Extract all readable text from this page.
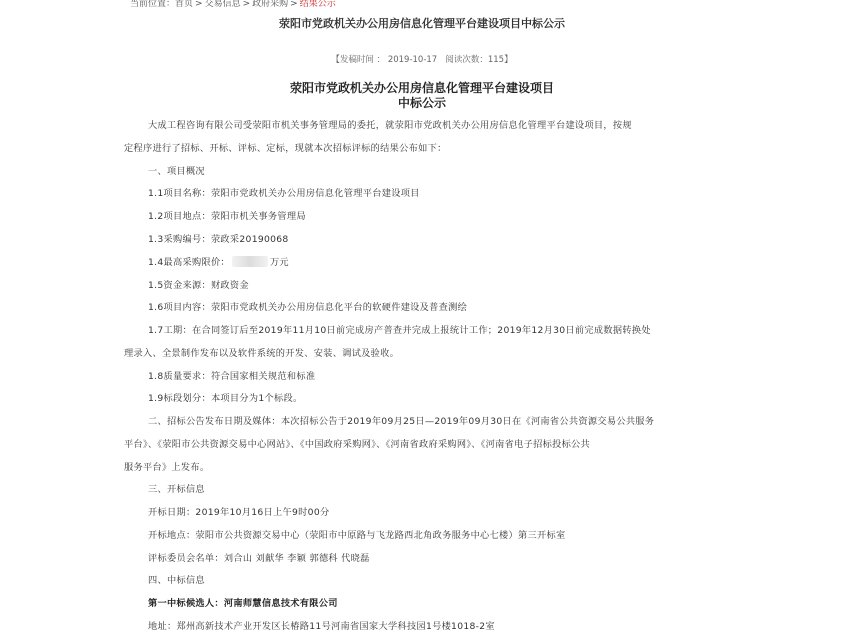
当前位置：首页 > 交易信息 > 政府采购 > 结果公示
荥阳市党政机关办公用房信息化管理平台建设项目中标公示
【发稿时间 ： 2019-10-17 阅读次数：115】
荥阳市党政机关办公用房信息化管理平台建设项目
中标公示
大成工程咨询有限公司受荥阳市机关事务管理局的委托，就荥阳市党政机关办公用房信息化管理平台建设项目，按规
定程序进行了招标、开标、评标、定标，现就本次招标评标的结果公布如下：
一、项目概况
1.1项目名称：荥阳市党政机关办公用房信息化管理平台建设项目
1.2项目地点：荥阳市机关事务管理局
1.3采购编号：荥政采20190068
1.4最高采购限价：	万元
1.5资金来源：财政资金
1.6项目内容：荥阳市党政机关办公用房信息化平台的软硬件建设及普查测绘
1.7工期：在合同签订后至2019年11月10日前完成房产普查并完成上报统计工作；2019年12月30日前完成数据转换处
理录入、全景制作发布以及软件系统的开发、安装、调试及验收。
1.8质量要求：符合国家相关规范和标准
1.9标段划分：本项目分为1个标段。
二、招标公告发布日期及媒体：本次招标公告于2019年09月25日—2019年09月30日在《河南省公共资源交易公共服务
平台》、《荥阳市公共资源交易中心网站》、《中国政府采购网》、《河南省政府采购网》、《河南省电子招标投标公共
服务平台》上发布。
三、开标信息
开标日期：2019年10月16日上午9时00分
开标地点：荥阳市公共资源交易中心（荥阳市中原路与飞龙路西北角政务服务中心七楼）第三开标室
评标委员会名单：刘合山 刘献华 李颖 郭德科 代晓磊
四、中标信息
第一中标候选人：河南师慧信息技术有限公司
地址：郑州高新技术产业开发区长椿路11号河南省国家大学科技园1号楼1018-2室
